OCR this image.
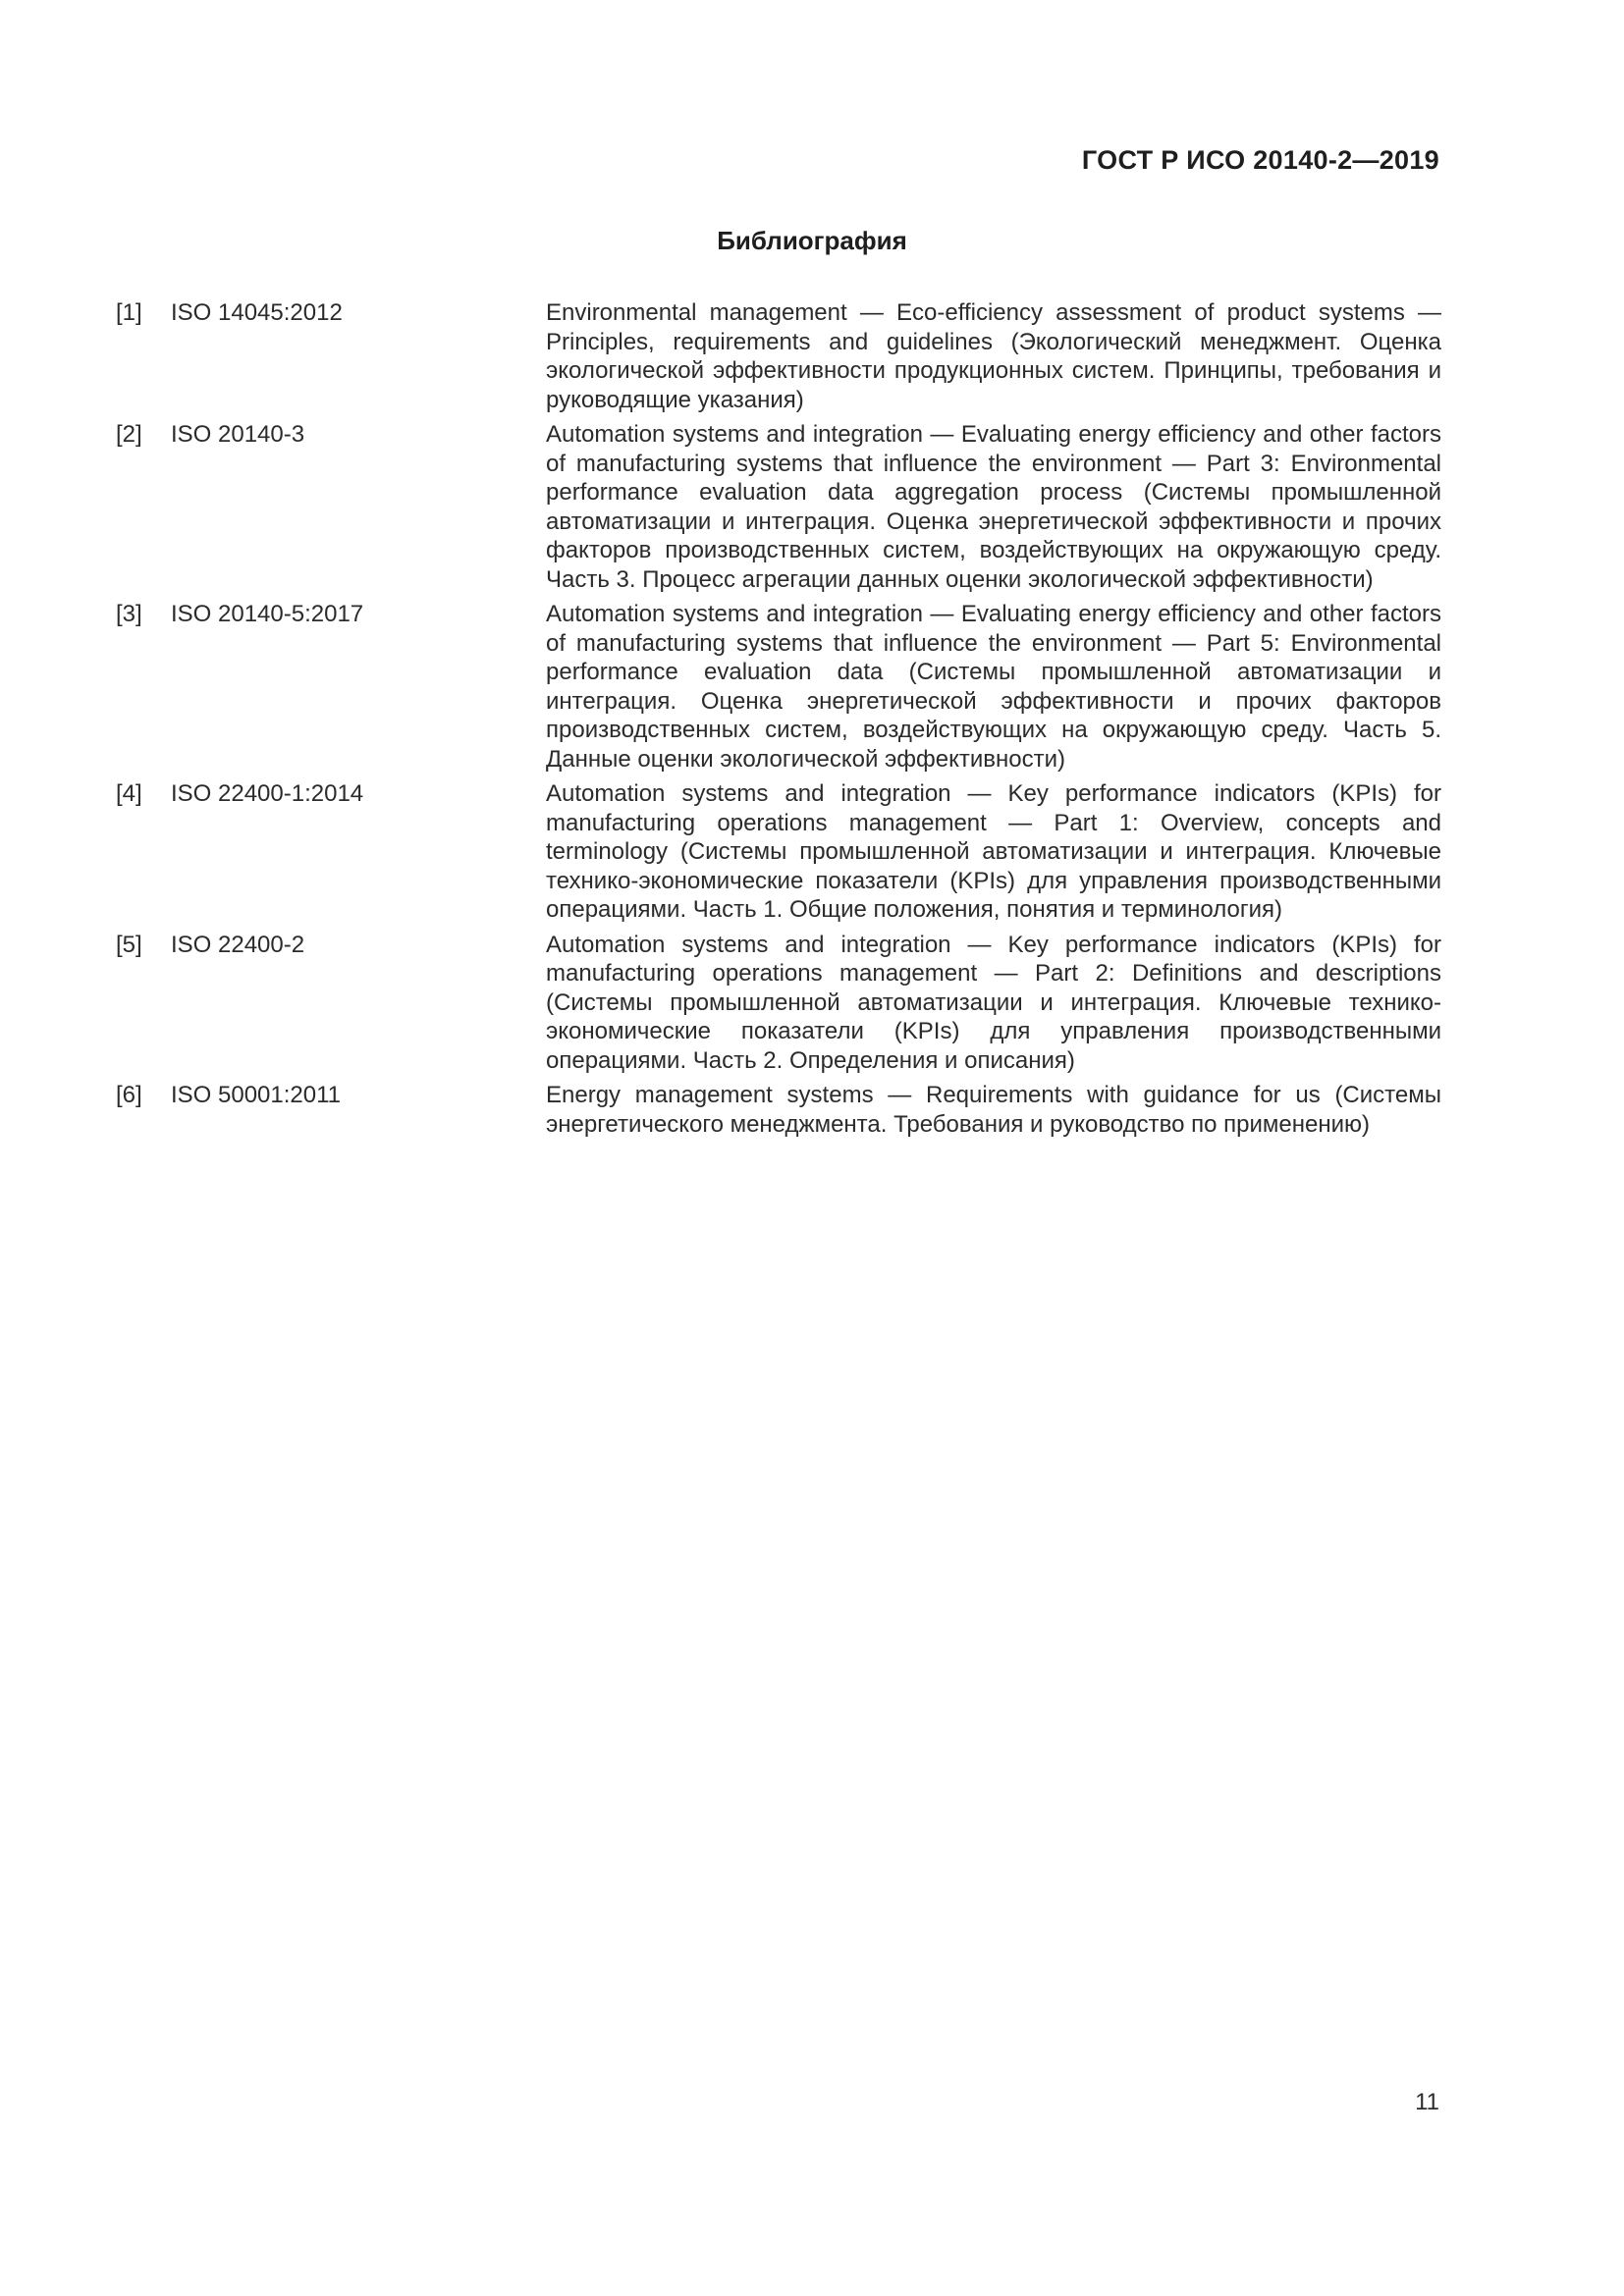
ГОСТ Р ИСО 20140-2—2019
Библиография
[1]	ISO 14045:2012	Environmental management — Eco-efficiency assessment of product systems — Principles, requirements and guidelines (Экологический менеджмент. Оценка экологической эффективности продукционных систем. Принципы, требования и руководящие указания)
[2]	ISO 20140-3	Automation systems and integration — Evaluating energy efficiency and other factors of manufacturing systems that influence the environment — Part 3: Environmental performance evaluation data aggregation process (Системы промышленной автоматизации и интеграция. Оценка энергетической эффективности и прочих факторов производственных систем, воздействующих на окружающую среду. Часть 3. Процесс агрегации данных оценки экологической эффективности)
[3]	ISO 20140-5:2017	Automation systems and integration — Evaluating energy efficiency and other factors of manufacturing systems that influence the environment — Part 5: Environmental performance evaluation data (Системы промышленной автоматизации и интеграция. Оценка энергетической эффективности и прочих факторов производственных систем, воздействующих на окружающую среду. Часть 5. Данные оценки экологической эффективности)
[4]	ISO 22400-1:2014	Automation systems and integration — Key performance indicators (KPIs) for manufacturing operations management — Part 1: Overview, concepts and terminology (Системы промышленной автоматизации и интеграция. Ключевые технико-экономические показатели (KPIs) для управления производственными операциями. Часть 1. Общие положения, понятия и терминология)
[5]	ISO 22400-2	Automation systems and integration — Key performance indicators (KPIs) for manufacturing operations management — Part 2: Definitions and descriptions (Системы промышленной автоматизации и интеграция. Ключевые технико-экономические показатели (KPIs) для управления производственными операциями. Часть 2. Определения и описания)
[6]	ISO 50001:2011	Energy management systems — Requirements with guidance for us (Системы энергетического менеджмента. Требования и руководство по применению)
11
